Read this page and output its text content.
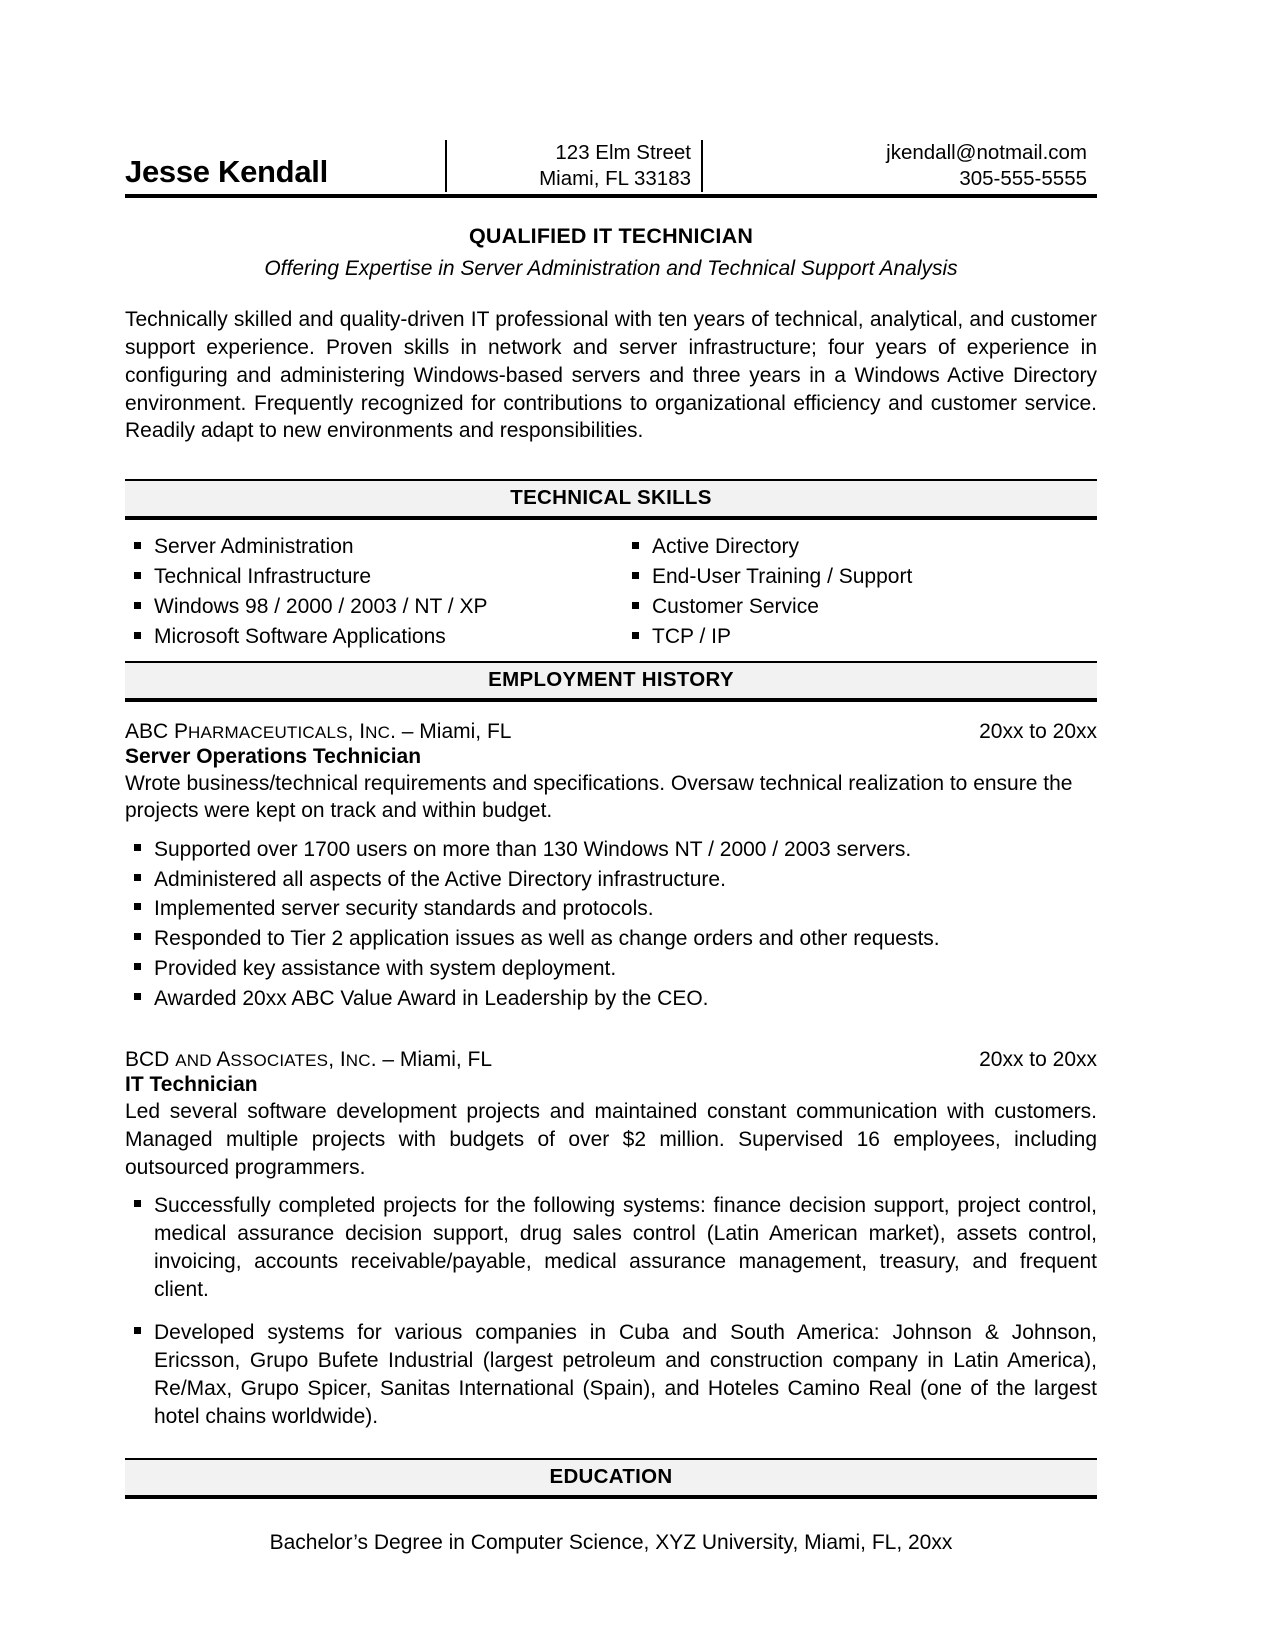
Jesse Kendall
123 Elm Street
Miami, FL 33183
jkendall@notmail.com
305-555-5555
QUALIFIED IT TECHNICIAN
Offering Expertise in Server Administration and Technical Support Analysis
Technically skilled and quality-driven IT professional with ten years of technical, analytical, and customer support experience. Proven skills in network and server infrastructure; four years of experience in configuring and administering Windows-based servers and three years in a Windows Active Directory environment. Frequently recognized for contributions to organizational efficiency and customer service. Readily adapt to new environments and responsibilities.
TECHNICAL SKILLS
Server Administration
Technical Infrastructure
Windows 98 / 2000 / 2003 / NT / XP
Microsoft Software Applications
Active Directory
End-User Training / Support
Customer Service
TCP / IP
EMPLOYMENT HISTORY
ABC PHARMACEUTICALS, INC. – Miami, FL	20xx to 20xx
Server Operations Technician
Wrote business/technical requirements and specifications. Oversaw technical realization to ensure the projects were kept on track and within budget.
Supported over 1700 users on more than 130 Windows NT / 2000 / 2003 servers.
Administered all aspects of the Active Directory infrastructure.
Implemented server security standards and protocols.
Responded to Tier 2 application issues as well as change orders and other requests.
Provided key assistance with system deployment.
Awarded 20xx ABC Value Award in Leadership by the CEO.
BCD AND ASSOCIATES, INC. – Miami, FL	20xx to 20xx
IT Technician
Led several software development projects and maintained constant communication with customers. Managed multiple projects with budgets of over $2 million. Supervised 16 employees, including outsourced programmers.
Successfully completed projects for the following systems: finance decision support, project control, medical assurance decision support, drug sales control (Latin American market), assets control, invoicing, accounts receivable/payable, medical assurance management, treasury, and frequent client.
Developed systems for various companies in Cuba and South America: Johnson & Johnson, Ericsson, Grupo Bufete Industrial (largest petroleum and construction company in Latin America), Re/Max, Grupo Spicer, Sanitas International (Spain), and Hoteles Camino Real (one of the largest hotel chains worldwide).
EDUCATION
Bachelor’s Degree in Computer Science, XYZ University, Miami, FL, 20xx
